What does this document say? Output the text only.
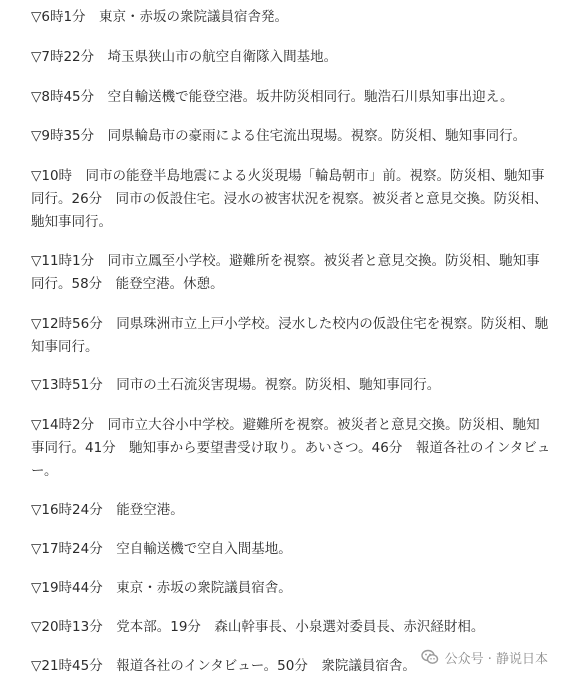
▽6時1分　東京・赤坂の衆院議員宿舎発。
▽7時22分　埼玉県狭山市の航空自衛隊入間基地。
▽8時45分　空自輸送機で能登空港。坂井防災相同行。馳浩石川県知事出迎え。
▽9時35分　同県輪島市の豪雨による住宅流出現場。視察。防災相、馳知事同行。
▽10時　同市の能登半島地震による火災現場「輪島朝市」前。視察。防災相、馳知事同行。26分　同市の仮設住宅。浸水の被害状況を視察。被災者と意見交換。防災相、馳知事同行。
▽11時1分　同市立鳳至小学校。避難所を視察。被災者と意見交換。防災相、馳知事同行。58分　能登空港。休憩。
▽12時56分　同県珠洲市立上戸小学校。浸水した校内の仮設住宅を視察。防災相、馳知事同行。
▽13時51分　同市の土石流災害現場。視察。防災相、馳知事同行。
▽14時2分　同市立大谷小中学校。避難所を視察。被災者と意見交換。防災相、馳知事同行。41分　馳知事から要望書受け取り。あいさつ。46分　報道各社のインタビュー。
▽16時24分　能登空港。
▽17時24分　空自輸送機で空自入間基地。
▽19時44分　東京・赤坂の衆院議員宿舎。
▽20時13分　党本部。19分　森山幹事長、小泉選対委員長、赤沢経財相。
▽21時45分　報道各社のインタビュー。50分　衆院議員宿舎。	公众号 · 静说日本
